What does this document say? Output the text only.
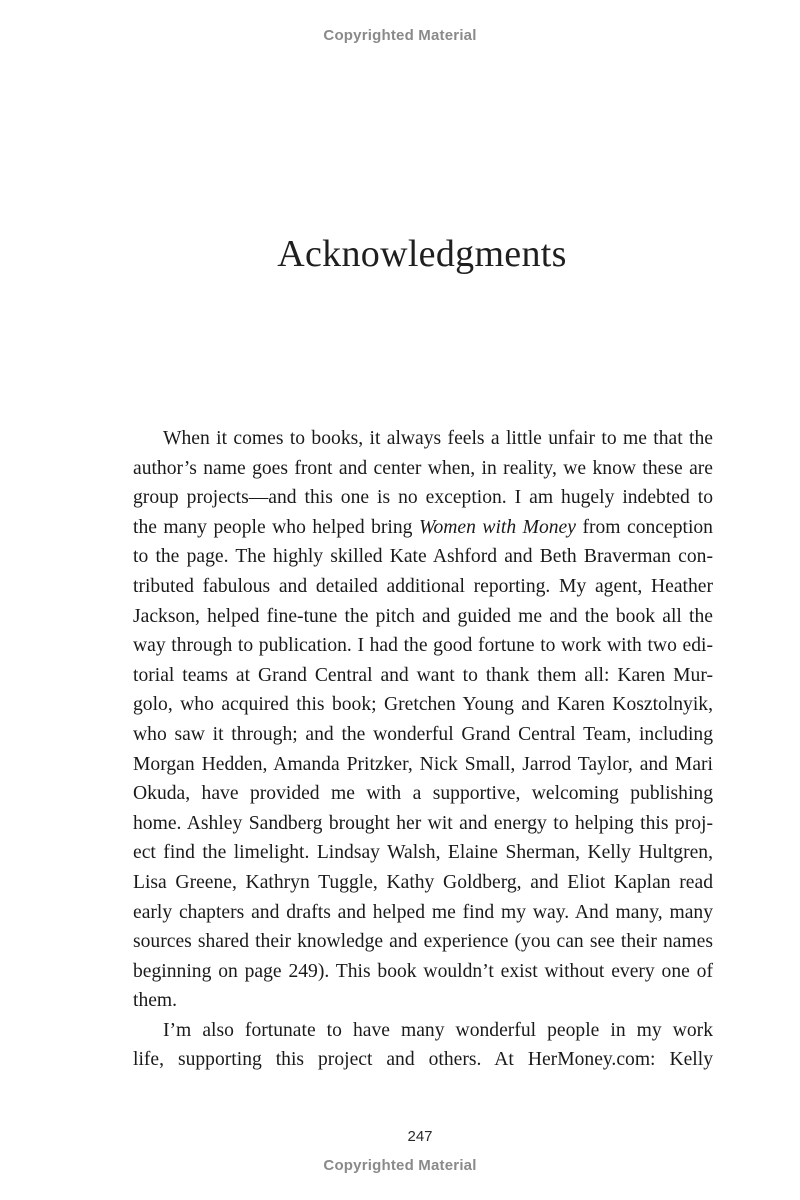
Copyrighted Material
Acknowledgments
When it comes to books, it always feels a little unfair to me that the
author’s name goes front and center when, in reality, we know these are
group projects—and this one is no exception. I am hugely indebted to
the many people who helped bring Women with Money from conception
to the page. The highly skilled Kate Ashford and Beth Braverman con-
tributed fabulous and detailed additional reporting. My agent, Heather
Jackson, helped fine-tune the pitch and guided me and the book all the
way through to publication. I had the good fortune to work with two edi-
torial teams at Grand Central and want to thank them all: Karen Mur-
golo, who acquired this book; Gretchen Young and Karen Kosztolnyik,
who saw it through; and the wonderful Grand Central Team, including
Morgan Hedden, Amanda Pritzker, Nick Small, Jarrod Taylor, and Mari
Okuda, have provided me with a supportive, welcoming publishing
home. Ashley Sandberg brought her wit and energy to helping this proj-
ect find the limelight. Lindsay Walsh, Elaine Sherman, Kelly Hultgren,
Lisa Greene, Kathryn Tuggle, Kathy Goldberg, and Eliot Kaplan read
early chapters and drafts and helped me find my way. And many, many
sources shared their knowledge and experience (you can see their names
beginning on page 249). This book wouldn’t exist without every one of
them.
I’m also fortunate to have many wonderful people in my work
life, supporting this project and others. At HerMoney.com: Kelly
247
Copyrighted Material
